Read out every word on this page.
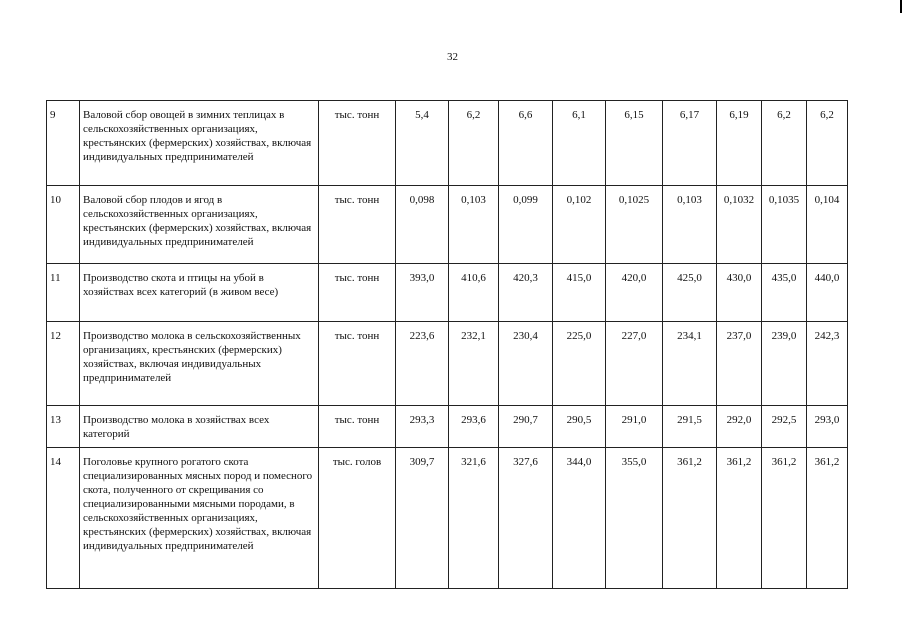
32
9	Валовой сбор овощей в зимних теплицах в сельскохозяйственных организациях, крестьянских (фермерских) хозяйствах, включая индивидуальных предпринимателей	тыс. тонн	5,4	6,2	6,6	6,1	6,15	6,17	6,19	6,2	6,2
10	Валовой сбор плодов и ягод в сельскохозяйственных организациях, крестьянских (фермерских) хозяйствах, включая индивидуальных предпринимателей	тыс. тонн	0,098	0,103	0,099	0,102	0,1025	0,103	0,1032	0,1035	0,104
11	Производство скота и птицы на убой в хозяйствах всех категорий (в живом весе)	тыс. тонн	393,0	410,6	420,3	415,0	420,0	425,0	430,0	435,0	440,0
12	Производство молока в сельскохозяйственных организациях, крестьянских (фермерских) хозяйствах, включая индивидуальных предпринимателей	тыс. тонн	223,6	232,1	230,4	225,0	227,0	234,1	237,0	239,0	242,3
13	Производство молока в хозяйствах всех категорий	тыс. тонн	293,3	293,6	290,7	290,5	291,0	291,5	292,0	292,5	293,0
14	Поголовье крупного рогатого скота специализированных мясных пород и помесного скота, полученного от скрещивания со специализированными мясными породами, в сельскохозяйственных организациях, крестьянских (фермерских) хозяйствах, включая индивидуальных предпринимателей	тыс. голов	309,7	321,6	327,6	344,0	355,0	361,2	361,2	361,2	361,2
